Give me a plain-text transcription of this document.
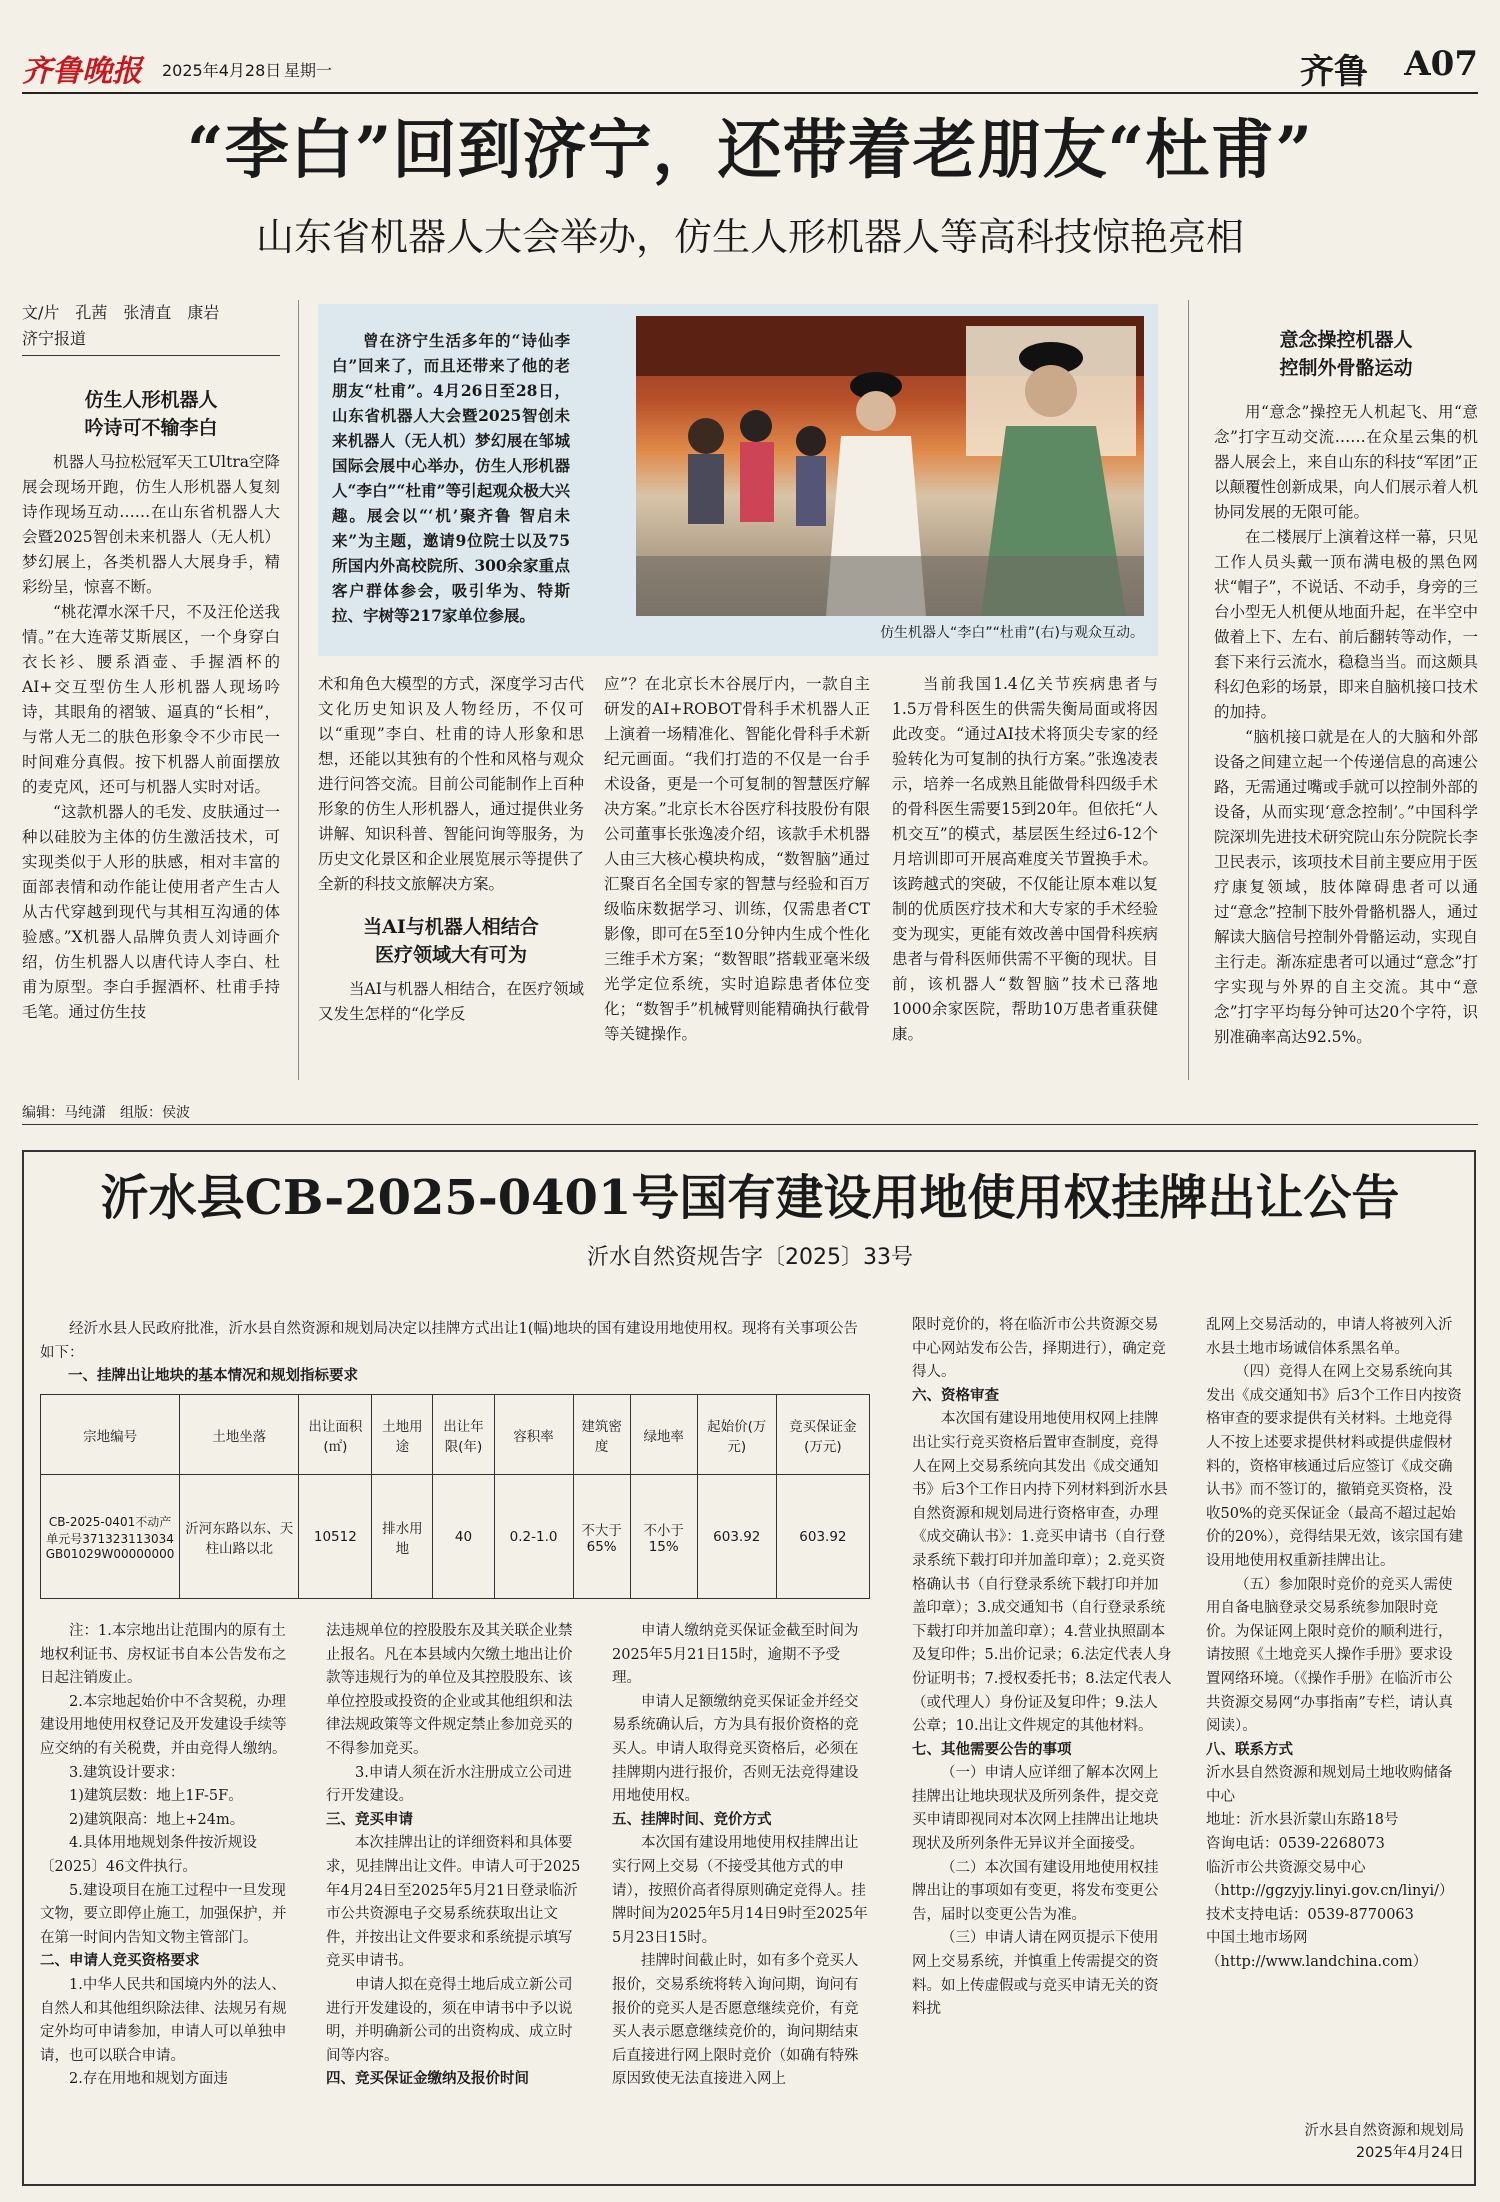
齐鲁晚报 2025年4月28日 星期一	齐鲁 A07
“李白”回到济宁，还带着老朋友“杜甫”
山东省机器人大会举办，仿生人形机器人等高科技惊艳亮相
文/片　孔茜　张清直　康岩
济宁报道
仿生人形机器人
吟诗可不输李白

机器人马拉松冠军天工Ultra空降展会现场开跑，仿生人形机器人复刻诗作现场互动……在山东省机器人大会暨2025智创未来机器人（无人机）梦幻展上，各类机器人大展身手，精彩纷呈，惊喜不断。

“桃花潭水深千尺，不及汪伦送我情。”在大连蒂艾斯展区，一个身穿白衣长衫、腰系酒壶、手握酒杯的AI+交互型仿生人形机器人现场吟诗，其眼角的褶皱、逼真的“长相”，与常人无二的肤色形象令不少市民一时间难分真假。按下机器人前面摆放的麦克风，还可与机器人实时对话。

“这款机器人的毛发、皮肤通过一种以硅胶为主体的仿生激活技术，可实现类似于人形的肤感，相对丰富的面部表情和动作能让使用者产生古人从古代穿越到现代与其相互沟通的体验感。”X机器人品牌负责人刘诗画介绍，仿生机器人以唐代诗人李白、杜甫为原型。李白手握酒杯、杜甫手持毛笔。通过仿生技

曾在济宁生活多年的“诗仙李白”回来了，而且还带来了他的老朋友“杜甫”。4月26日至28日，山东省机器人大会暨2025智创未来机器人（无人机）梦幻展在邹城国际会展中心举办，仿生人形机器人“李白”“杜甫”等引起观众极大兴趣。展会以“‘机’聚齐鲁 智启未来”为主题，邀请9位院士以及75所国内外高校院所、300余家重点客户群体参会，吸引华为、特斯拉、宇树等217家单位参展。
仿生机器人“李白”“杜甫”(右)与观众互动。

术和角色大模型的方式，深度学习古代文化历史知识及人物经历，不仅可以“重现”李白、杜甫的诗人形象和思想，还能以其独有的个性和风格与观众进行问答交流。目前公司能制作上百种形象的仿生人形机器人，通过提供业务讲解、知识科普、智能问询等服务，为历史文化景区和企业展览展示等提供了全新的科技文旅解决方案。

当AI与机器人相结合
医疗领域大有可为

当AI与机器人相结合，在医疗领域又发生怎样的“化学反

应”？在北京长木谷展厅内，一款自主研发的AI+ROBOT骨科手术机器人正上演着一场精准化、智能化骨科手术新纪元画面。“我们打造的不仅是一台手术设备，更是一个可复制的智慧医疗解决方案。”北京长木谷医疗科技股份有限公司董事长张逸凌介绍，该款手术机器人由三大核心模块构成，“数智脑”通过汇聚百名全国专家的智慧与经验和百万级临床数据学习、训练，仅需患者CT影像，即可在5至10分钟内生成个性化三维手术方案；“数智眼”搭载亚毫米级光学定位系统，实时追踪患者体位变化；“数智手”机械臂则能精确执行截骨等关键操作。

当前我国1.4亿关节疾病患者与1.5万骨科医生的供需失衡局面或将因此改变。“通过AI技术将顶尖专家的经验转化为可复制的执行方案。”张逸凌表示，培养一名成熟且能做骨科四级手术的骨科医生需要15到20年。但依托“人机交互”的模式，基层医生经过6-12个月培训即可开展高难度关节置换手术。该跨越式的突破，不仅能让原本难以复制的优质医疗技术和大专家的手术经验变为现实，更能有效改善中国骨科疾病患者与骨科医师供需不平衡的现状。目前，该机器人“数智脑”技术已落地1000余家医院，帮助10万患者重获健康。

意念操控机器人
控制外骨骼运动

用“意念”操控无人机起飞、用“意念”打字互动交流……在众星云集的机器人展会上，来自山东的科技“军团”正以颠覆性创新成果，向人们展示着人机协同发展的无限可能。

在二楼展厅上演着这样一幕，只见工作人员头戴一顶布满电极的黑色网状“帽子”，不说话、不动手，身旁的三台小型无人机便从地面升起，在半空中做着上下、左右、前后翻转等动作，一套下来行云流水，稳稳当当。而这颇具科幻色彩的场景，即来自脑机接口技术的加持。

“脑机接口就是在人的大脑和外部设备之间建立起一个传递信息的高速公路，无需通过嘴或手就可以控制外部的设备，从而实现‘意念控制’。”中国科学院深圳先进技术研究院山东分院院长李卫民表示，该项技术目前主要应用于医疗康复领域，肢体障碍患者可以通过“意念”控制下肢外骨骼机器人，通过解读大脑信号控制外骨骼运动，实现自主行走。渐冻症患者可以通过“意念”打字实现与外界的自主交流。其中“意念”打字平均每分钟可达20个字符，识别准确率高达92.5%。

编辑：马纯潇　组版：侯波
沂水县CB-2025-0401号国有建设用地使用权挂牌出让公告
沂水自然资规告字〔2025〕33号

经沂水县人民政府批准，沂水县自然资源和规划局决定以挂牌方式出让1(幅)地块的国有建设用地使用权。现将有关事项公告如下：

一、挂牌出让地块的基本情况和规划指标要求

宗地编号	土地坐落	出让面积(㎡)	土地用途	出让年限(年)	容积率	建筑密度	绿地率	起始价(万元)	竞买保证金(万元)
CB-2025-0401不动产单元号371323113034GB01029W00000000	沂河东路以东、天柱山路以北	10512	排水用地	40	0.2-1.0	不大于65%	不小于15%	603.92	603.92

注：1.本宗地出让范围内的原有土地权利证书、房权证书自本公告发布之日起注销废止。

2.本宗地起始价中不含契税，办理建设用地使用权登记及开发建设手续等应交纳的有关税费，并由竞得人缴纳。

3.建筑设计要求：

1)建筑层数：地上1F-5F。

2)建筑限高：地上+24m。

4.具体用地规划条件按沂规设〔2025〕46文件执行。

5.建设项目在施工过程中一旦发现文物，要立即停止施工，加强保护，并在第一时间内告知文物主管部门。

二、申请人竞买资格要求

1.中华人民共和国境内外的法人、自然人和其他组织除法律、法规另有规定外均可申请参加，申请人可以单独申请，也可以联合申请。

2.存在用地和规划方面违

法违规单位的控股股东及其关联企业禁止报名。凡在本县域内欠缴土地出让价款等违规行为的单位及其控股股东、该单位控股或投资的企业或其他组织和法律法规政策等文件规定禁止参加竞买的不得参加竞买。

3.申请人须在沂水注册成立公司进行开发建设。

三、竞买申请

本次挂牌出让的详细资料和具体要求，见挂牌出让文件。申请人可于2025年4月24日至2025年5月21日登录临沂市公共资源电子交易系统获取出让文件，并按出让文件要求和系统提示填写竞买申请书。

申请人拟在竞得土地后成立新公司进行开发建设的，须在申请书中予以说明，并明确新公司的出资构成、成立时间等内容。

四、竞买保证金缴纳及报价时间

申请人缴纳竞买保证金截至时间为2025年5月21日15时，逾期不予受理。

申请人足额缴纳竞买保证金并经交易系统确认后，方为具有报价资格的竞买人。申请人取得竞买资格后，必须在挂牌期内进行报价，否则无法竞得建设用地使用权。

五、挂牌时间、竞价方式

本次国有建设用地使用权挂牌出让实行网上交易（不接受其他方式的申请），按照价高者得原则确定竞得人。挂牌时间为2025年5月14日9时至2025年5月23日15时。

挂牌时间截止时，如有多个竞买人报价，交易系统将转入询问期，询问有报价的竞买人是否愿意继续竞价，有竞买人表示愿意继续竞价的，询问期结束后直接进行网上限时竞价（如确有特殊原因致使无法直接进入网上

限时竞价的，将在临沂市公共资源交易中心网站发布公告，择期进行），确定竞得人。

六、资格审查

本次国有建设用地使用权网上挂牌出让实行竞买资格后置审查制度，竞得人在网上交易系统向其发出《成交通知书》后3个工作日内持下列材料到沂水县自然资源和规划局进行资格审查，办理《成交确认书》：1.竞买申请书（自行登录系统下载打印并加盖印章）；2.竞买资格确认书（自行登录系统下载打印并加盖印章）；3.成交通知书（自行登录系统下载打印并加盖印章）；4.营业执照副本及复印件；5.出价记录；6.法定代表人身份证明书；7.授权委托书；8.法定代表人（或代理人）身份证及复印件；9.法人公章；10.出让文件规定的其他材料。

七、其他需要公告的事项

（一）申请人应详细了解本次网上挂牌出让地块现状及所列条件，提交竞买申请即视同对本次网上挂牌出让地块现状及所列条件无异议并全面接受。

（二）本次国有建设用地使用权挂牌出让的事项如有变更，将发布变更公告，届时以变更公告为准。

（三）申请人请在网页提示下使用网上交易系统，并慎重上传需提交的资料。如上传虚假或与竞买申请无关的资料扰

乱网上交易活动的，申请人将被列入沂水县土地市场诚信体系黑名单。

（四）竞得人在网上交易系统向其发出《成交通知书》后3个工作日内按资格审查的要求提供有关材料。土地竞得人不按上述要求提供材料或提供虚假材料的，资格审核通过后应签订《成交确认书》而不签订的，撤销竞买资格，没收50%的竞买保证金（最高不超过起始价的20%），竞得结果无效，该宗国有建设用地使用权重新挂牌出让。

（五）参加限时竞价的竞买人需使用自备电脑登录交易系统参加限时竞价。为保证网上限时竞价的顺利进行，请按照《土地竞买人操作手册》要求设置网络环境。（《操作手册》在临沂市公共资源交易网“办事指南”专栏，请认真阅读）。

八、联系方式

沂水县自然资源和规划局土地收购储备中心

地址：沂水县沂蒙山东路18号

咨询电话：0539-2268073

临沂市公共资源交易中心（http://ggzyjy.linyi.gov.cn/linyi/）

技术支持电话：0539-8770063

中国土地市场网（http://www.landchina.com）

沂水县自然资源和规划局
2025年4月24日
